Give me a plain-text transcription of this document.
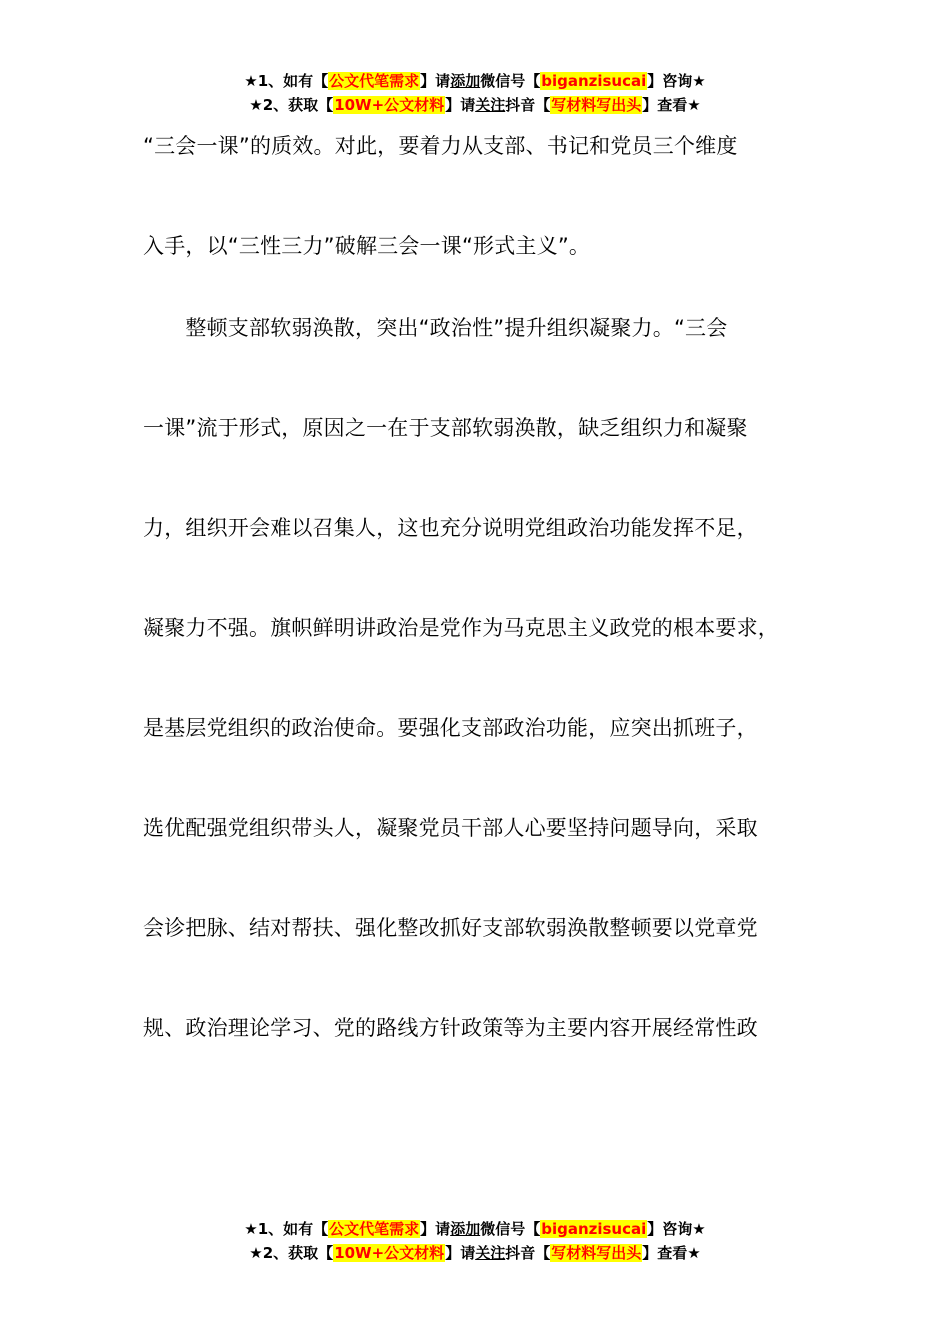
★1、如有【公文代笔需求】请添加微信号【biganzisucai】咨询★
★2、获取【10W+公文材料】请关注抖音【写材料写出头】查看★
“三会一课”的质效。对此，要着力从支部、书记和党员三个维度
入手，以“三性三力”破解三会一课“形式主义”。
　　整顿支部软弱涣散，突出“政治性”提升组织凝聚力。“三会
一课”流于形式，原因之一在于支部软弱涣散，缺乏组织力和凝聚
力，组织开会难以召集人，这也充分说明党组政治功能发挥不足，
凝聚力不强。旗帜鲜明讲政治是党作为马克思主义政党的根本要求，
是基层党组织的政治使命。要强化支部政治功能，应突出抓班子，
选优配强党组织带头人，凝聚党员干部人心要坚持问题导向，采取
会诊把脉、结对帮扶、强化整改抓好支部软弱涣散整顿要以党章党
规、政治理论学习、党的路线方针政策等为主要内容开展经常性政
★1、如有【公文代笔需求】请添加微信号【biganzisucai】咨询★
★2、获取【10W+公文材料】请关注抖音【写材料写出头】查看★
